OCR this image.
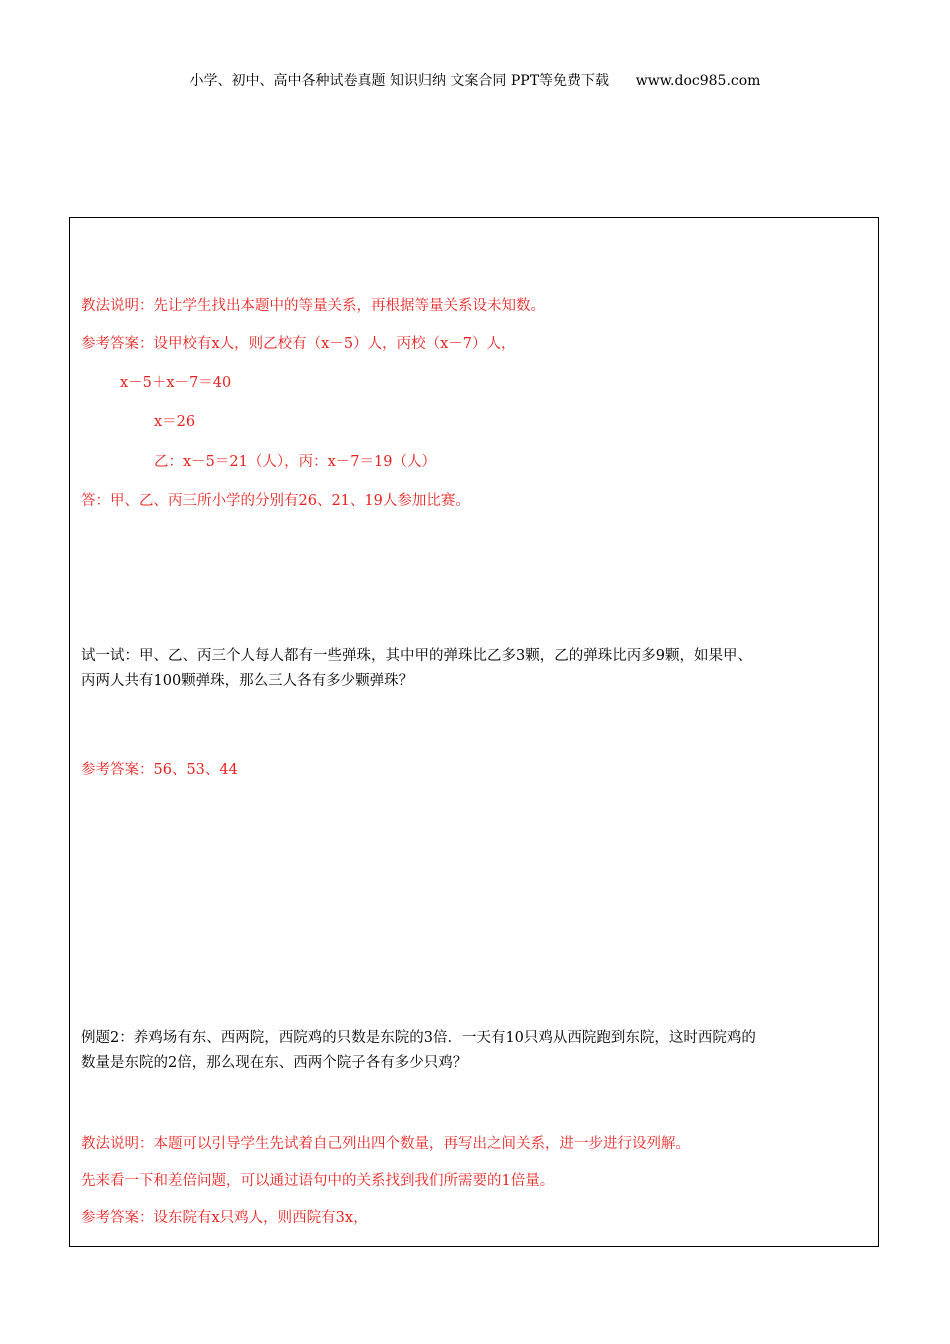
小学、初中、高中各种试卷真题 知识归纳 文案合同 PPT等免费下载      www.doc985.com
教法说明：先让学生找出本题中的等量关系，再根据等量关系设未知数。
参考答案：设甲校有x人，则乙校有（x－5）人，丙校（x－7）人，
x－5＋x－7＝40
x＝26
乙：x－5＝21（人），丙：x－7＝19（人）
答：甲、乙、丙三所小学的分别有26、21、19人参加比赛。
试一试：甲、乙、丙三个人每人都有一些弹珠，其中甲的弹珠比乙多3颗，乙的弹珠比丙多9颗，如果甲、
丙两人共有100颗弹珠，那么三人各有多少颗弹珠？
参考答案：56、53、44
例题2：养鸡场有东、西两院，西院鸡的只数是东院的3倍．一天有10只鸡从西院跑到东院，这时西院鸡的
数量是东院的2倍，那么现在东、西两个院子各有多少只鸡？
教法说明：本题可以引导学生先试着自己列出四个数量，再写出之间关系，进一步进行设列解。
先来看一下和差倍问题，可以通过语句中的关系找到我们所需要的1倍量。
参考答案：设东院有x只鸡人，则西院有3x，
